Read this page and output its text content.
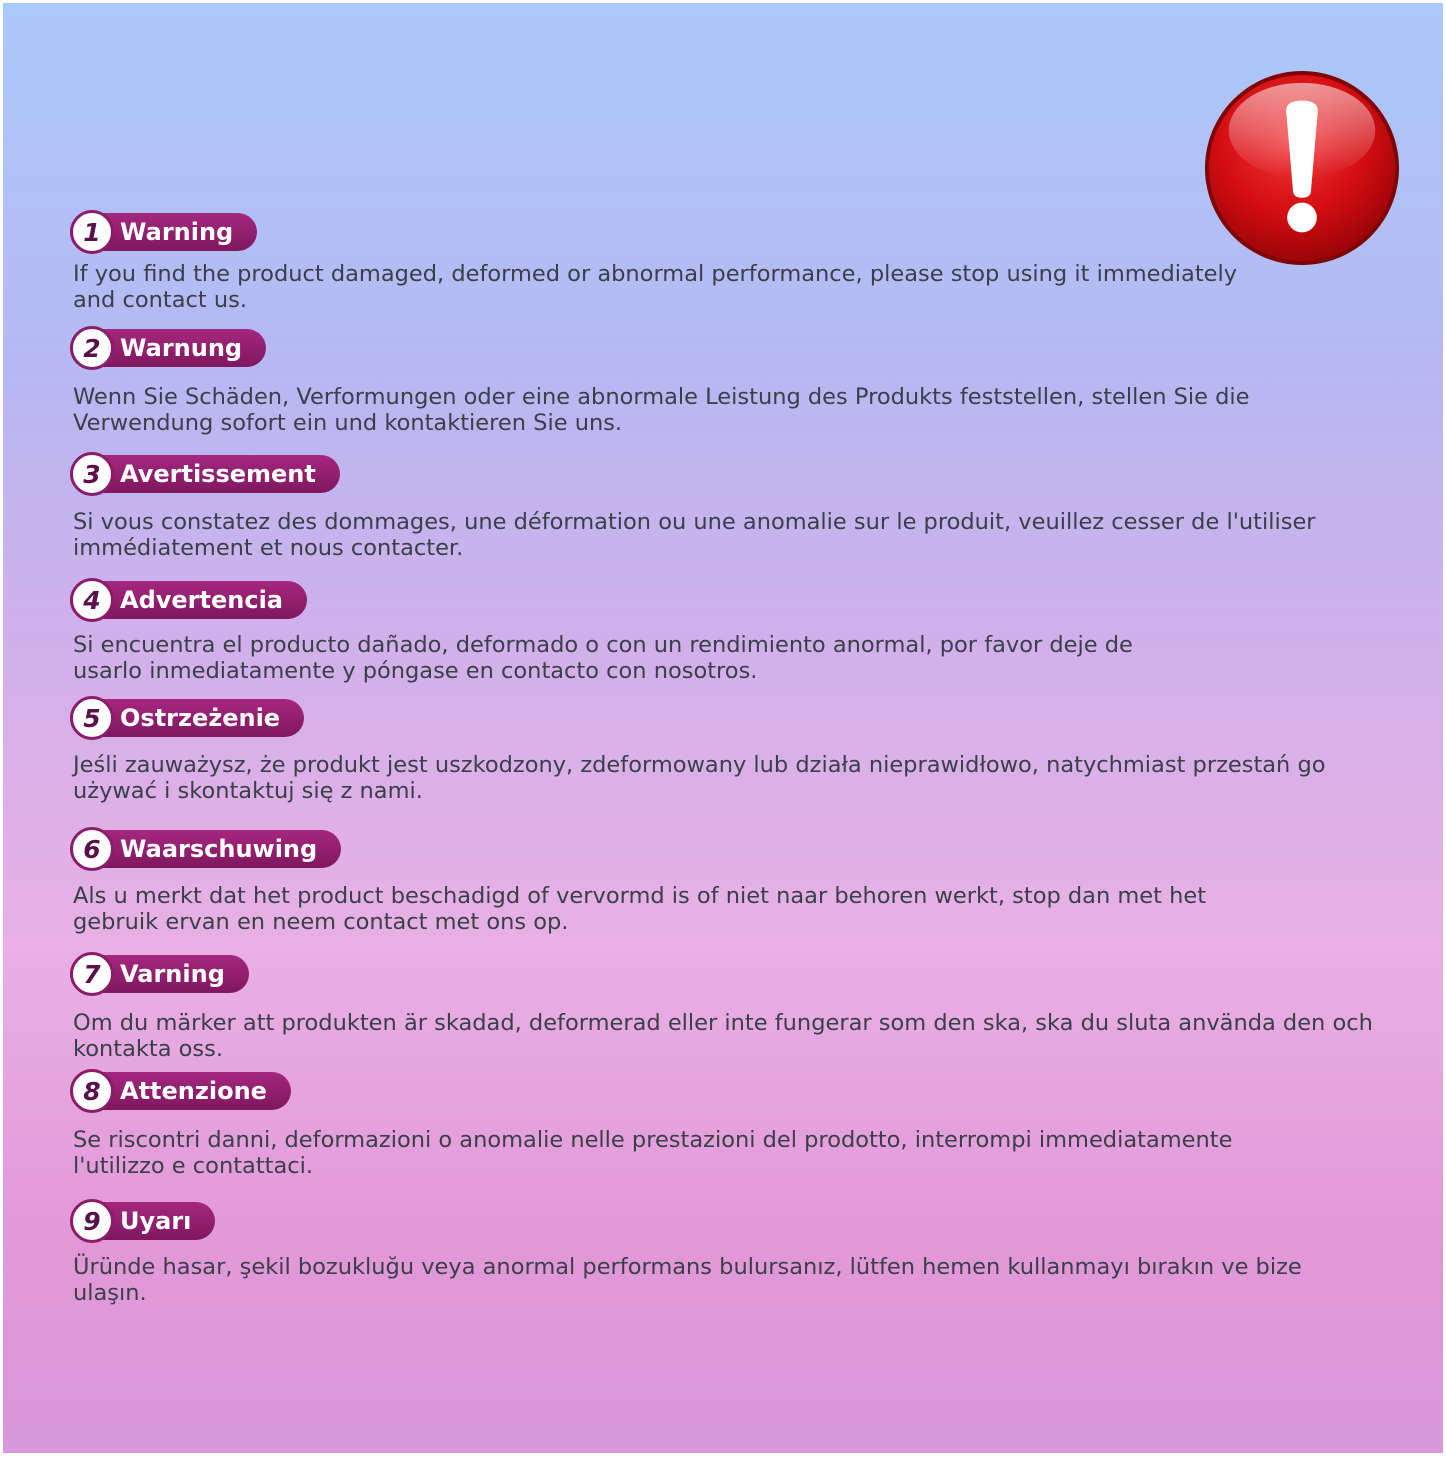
1 Warning

If you find the product damaged, deformed or abnormal performance, please stop using it immediately

and contact us.

2 Warnung

Wenn Sie Schäden, Verformungen oder eine abnormale Leistung des Produkts feststellen, stellen Sie die

Verwendung sofort ein und kontaktieren Sie uns.

3 Avertissement

Si vous constatez des dommages, une déformation ou une anomalie sur le produit, veuillez cesser de l'utiliser

immédiatement et nous contacter.

4 Advertencia

Si encuentra el producto dañado, deformado o con un rendimiento anormal, por favor deje de

usarlo inmediatamente y póngase en contacto con nosotros.

5 Ostrzeżenie

Jeśli zauważysz, że produkt jest uszkodzony, zdeformowany lub działa nieprawidłowo, natychmiast przestań go

używać i skontaktuj się z nami.

6 Waarschuwing

Als u merkt dat het product beschadigd of vervormd is of niet naar behoren werkt, stop dan met het

gebruik ervan en neem contact met ons op.

7 Varning

Om du märker att produkten är skadad, deformerad eller inte fungerar som den ska, ska du sluta använda den och

kontakta oss.

8 Attenzione

Se riscontri danni, deformazioni o anomalie nelle prestazioni del prodotto, interrompi immediatamente

l'utilizzo e contattaci.

9 Uyarı

Üründe hasar, şekil bozukluğu veya anormal performans bulursanız, lütfen hemen kullanmayı bırakın ve bize

ulaşın.
